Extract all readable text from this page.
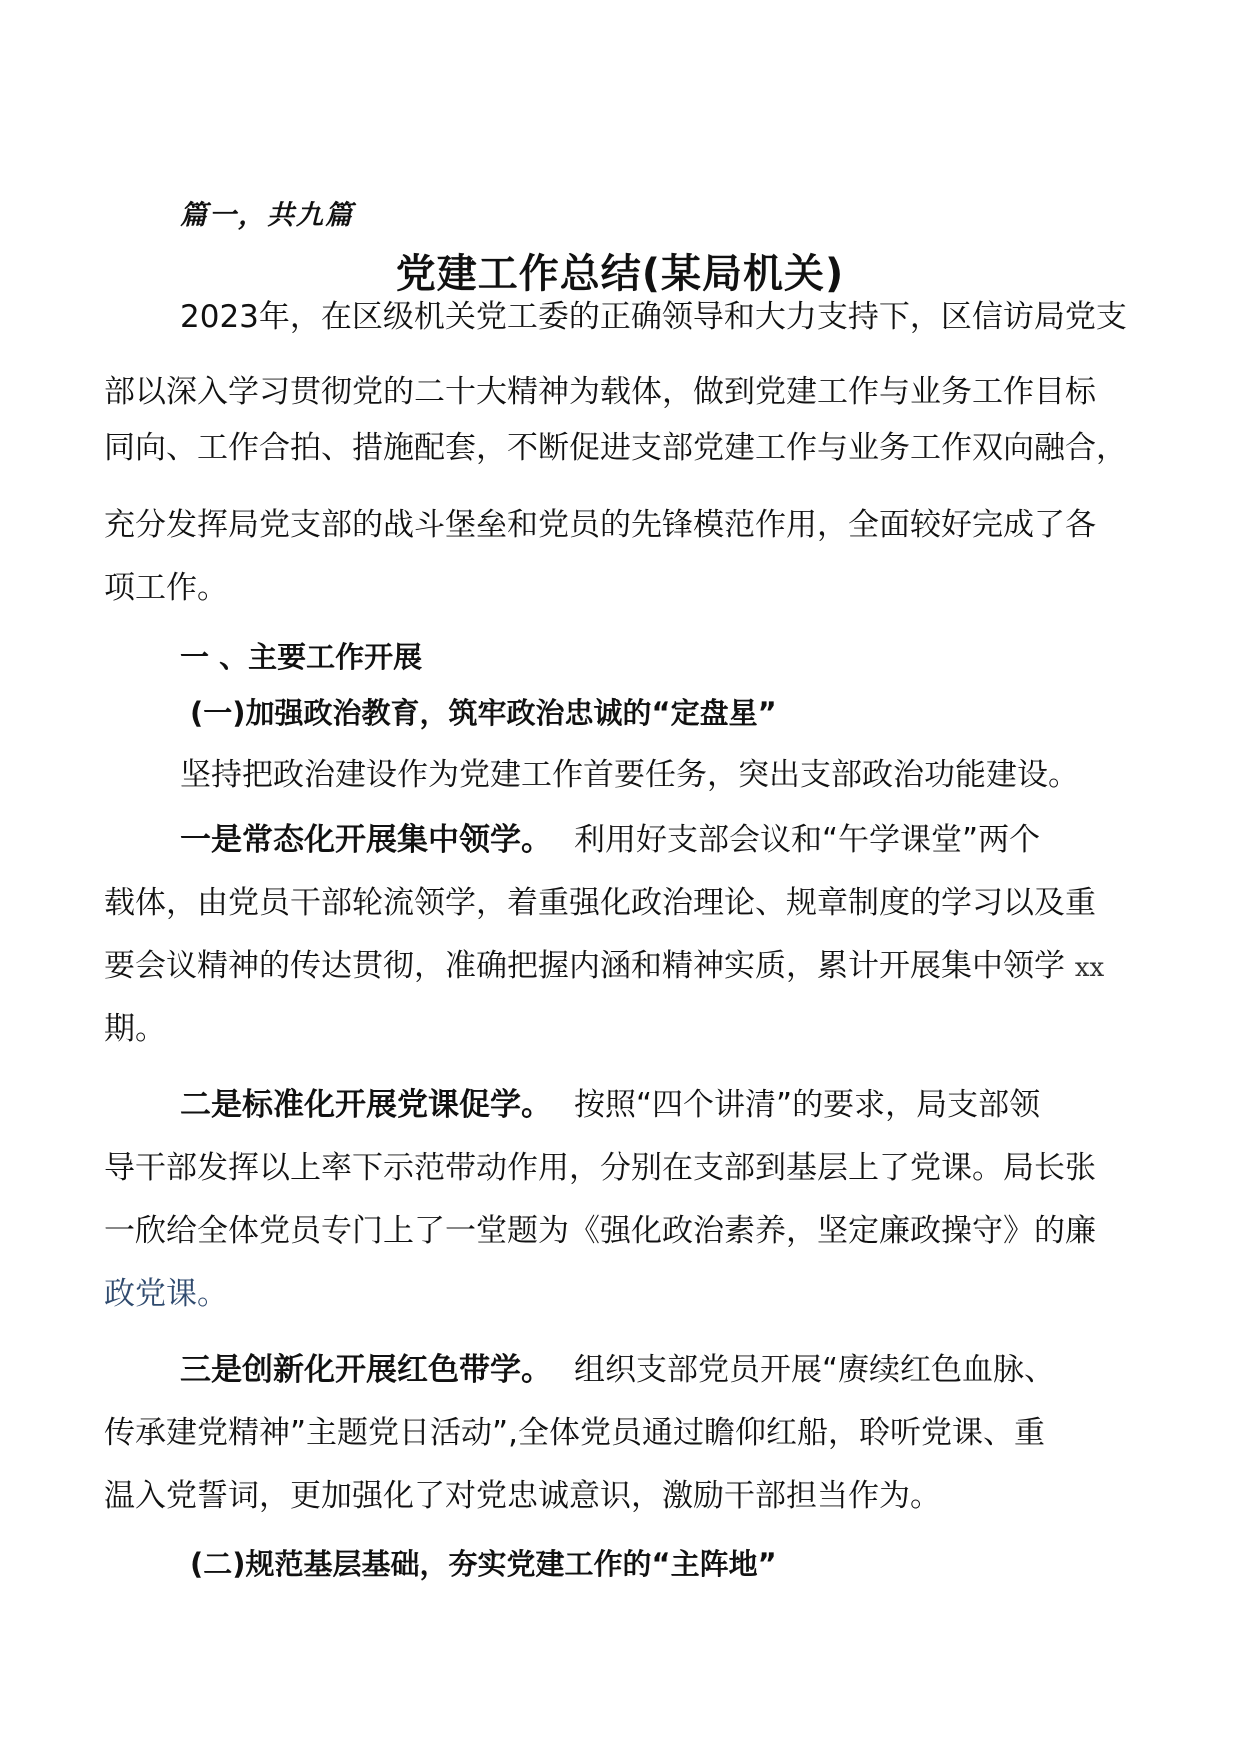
篇一，共九篇
党建工作总结(某局机关)
2023年，在区级机关党工委的正确领导和大力支持下，区信访局党支
部以深入学习贯彻党的二十大精神为载体，做到党建工作与业务工作目标
同向、工作合拍、措施配套，不断促进支部党建工作与业务工作双向融合，
充分发挥局党支部的战斗堡垒和党员的先锋模范作用，全面较好完成了各
项工作。
一 、主要工作开展
(一)加强政治教育，筑牢政治忠诚的“定盘星”
坚持把政治建设作为党建工作首要任务，突出支部政治功能建设。
一是常态化开展集中领学。 利用好支部会议和“午学课堂”两个
载体，由党员干部轮流领学，着重强化政治理论、规章制度的学习以及重
要会议精神的传达贯彻，准确把握内涵和精神实质，累计开展集中领学 xx
期。
二是标准化开展党课促学。 按照“四个讲清”的要求，局支部领
导干部发挥以上率下示范带动作用，分别在支部到基层上了党课。局长张
一欣给全体党员专门上了一堂题为《强化政治素养，坚定廉政操守》的廉
政党课。
三是创新化开展红色带学。 组织支部党员开展“赓续红色血脉、
传承建党精神”主题党日活动”,全体党员通过瞻仰红船，聆听党课、重
温入党誓词，更加强化了对党忠诚意识，激励干部担当作为。
(二)规范基层基础，夯实党建工作的“主阵地”
